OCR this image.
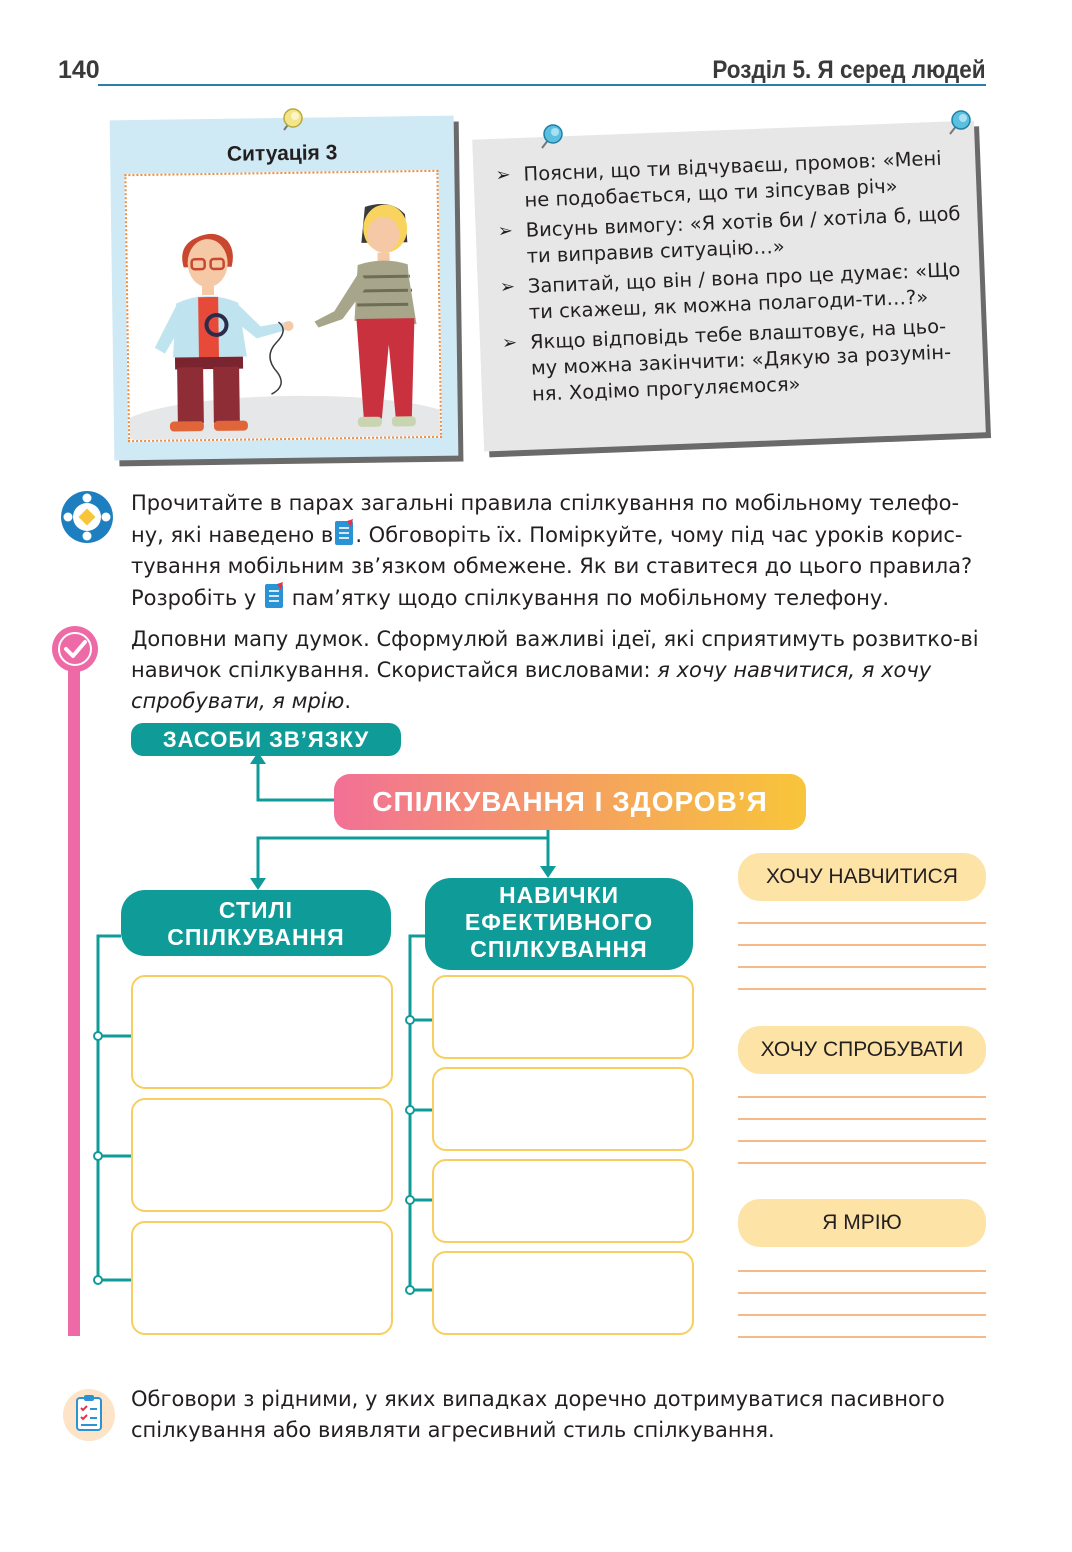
140	Розділ 5. Я серед людей
Ситуація 3
➢ Поясни, що ти відчуваєш, промов: «Мені не подобається, що ти зіпсував річ»
➢ Висунь вимогу: «Я хотів би / хотіла б, щоб ти виправив ситуацію…»
➢ Запитай, що він / вона про це думає: «Що ти скажеш, як можна полагоди-ти…?»
➢ Якщо відповідь тебе влаштовує, на цьо-му можна закінчити: «Дякую за розумін-ня. Ходімо прогуляємося»
Прочитайте в парах загальні правила спілкування по мобільному телефо-ну, які наведено в . Обговоріть їх. Поміркуйте, чому під час уроків корис-тування мобільним зв’язком обмежене. Як ви ставитеся до цього правила? Розробіть у пам’ятку щодо спілкування по мобільному телефону.
Доповни мапу думок. Сформулюй важливі ідеї, які сприятимуть розвитко-ві навичок спілкування. Скористайся висловами: я хочу навчитися, я хочу спробувати, я мрію.
ЗАСОБИ ЗВ’ЯЗКУ
СПІЛКУВАННЯ І ЗДОРОВ’Я
СТИЛІ
СПІЛКУВАННЯ
НАВИЧКИ
ЕФЕКТИВНОГО
СПІЛКУВАННЯ
ХОЧУ НАВЧИТИСЯ
ХОЧУ СПРОБУВАТИ
Я МРІЮ
Обговори з рідними, у яких випадках доречно дотримуватися пасивного спілкування або виявляти агресивний стиль спілкування.
